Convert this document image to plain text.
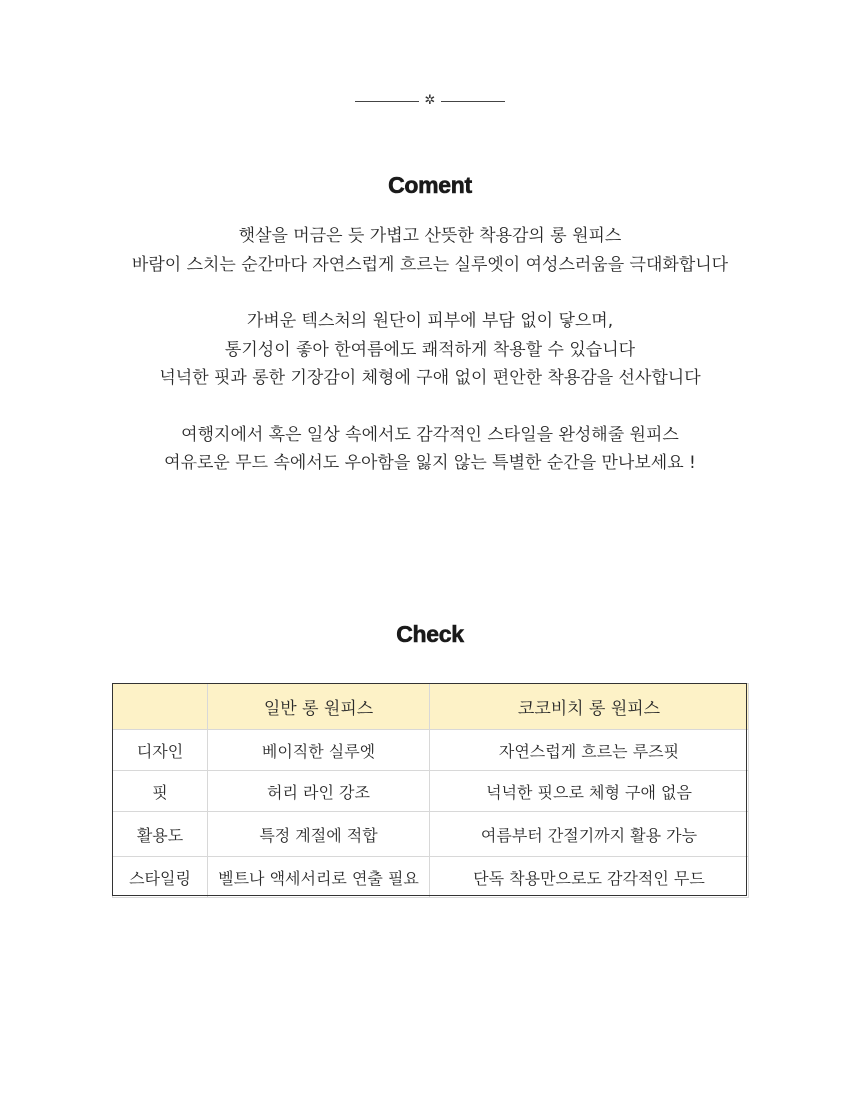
✲
Coment
햇살을 머금은 듯 가볍고 산뜻한 착용감의 롱 원피스
바람이 스치는 순간마다 자연스럽게 흐르는 실루엣이 여성스러움을 극대화합니다
가벼운 텍스처의 원단이 피부에 부담 없이 닿으며,
통기성이 좋아 한여름에도 쾌적하게 착용할 수 있습니다
넉넉한 핏과 롱한 기장감이 체형에 구애 없이 편안한 착용감을 선사합니다
여행지에서 혹은 일상 속에서도 감각적인 스타일을 완성해줄 원피스
여유로운 무드 속에서도 우아함을 잃지 않는 특별한 순간을 만나보세요 !
Check
	일반 롱 원피스	코코비치 롱 원피스
디자인	베이직한 실루엣	자연스럽게 흐르는 루즈핏
핏	허리 라인 강조	넉넉한 핏으로 체형 구애 없음
활용도	특정 계절에 적합	여름부터 간절기까지 활용 가능
스타일링	벨트나 액세서리로 연출 필요	단독 착용만으로도 감각적인 무드
